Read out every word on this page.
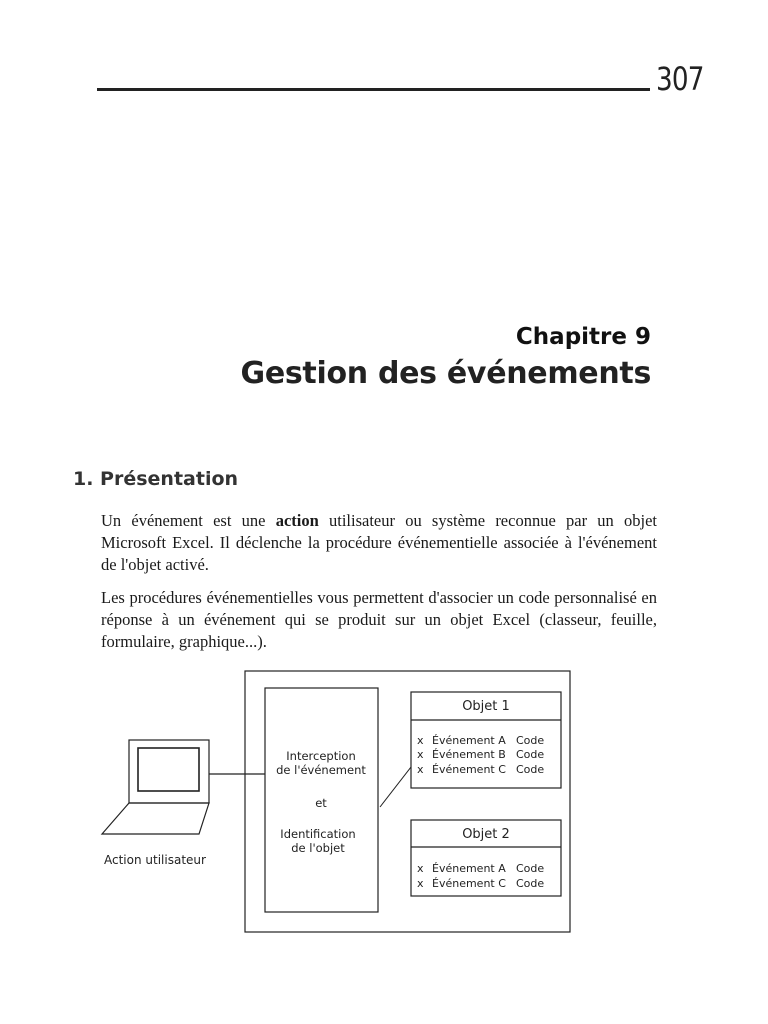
307
Chapitre 9
Gestion des événements
1. Présentation

Un événement est une action utilisateur ou système reconnue par un objet Microsoft Excel. Il déclenche la procédure événementielle associée à l'événement de l'objet activé.

Les procédures événementielles vous permettent d'associer un code personnalisé en réponse à un événement qui se produit sur un objet Excel (classeur, feuille, formulaire, graphique...).

Action utilisateur
Interception
de l'événement
et
Identification
de l'objet
Objet 1
x Événement A Code
x Événement B Code
x Événement C Code
Objet 2
x Événement A Code
x Événement C Code
